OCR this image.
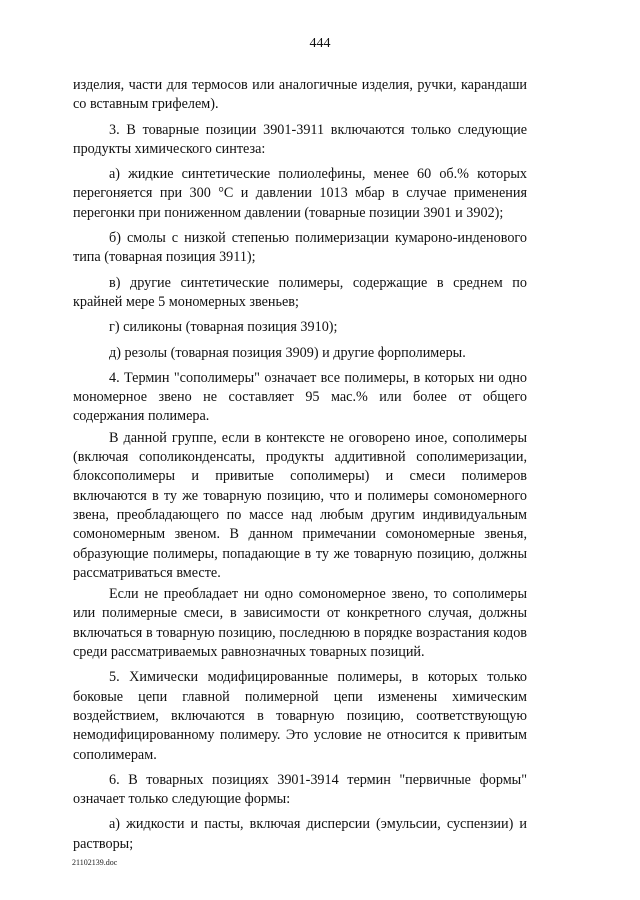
444

изделия, части для термосов или аналогичные изделия, ручки, карандаши со вставным грифелем).

3. В товарные позиции 3901-3911 включаются только следующие продукты химического синтеза:

а) жидкие синтетические полиолефины, менее 60 об.% которых перегоняется при 300 °С и давлении 1013 мбар в случае применения перегонки при пониженном давлении (товарные позиции 3901 и 3902);

б) смолы с низкой степенью полимеризации кумароно-инденового типа (товарная позиция 3911);

в) другие синтетические полимеры, содержащие в среднем по крайней мере 5 мономерных звеньев;

г) силиконы (товарная позиция 3910);

д) резолы (товарная позиция 3909) и другие форполимеры.

4. Термин "сополимеры" означает все полимеры, в которых ни одно мономерное звено не составляет 95 мас.% или более от общего содержания полимера.

В данной группе, если в контексте не оговорено иное, сополимеры (включая сополиконденсаты, продукты аддитивной сополимеризации, блоксополимеры и привитые сополимеры) и смеси полимеров включаются в ту же товарную позицию, что и полимеры сомономерного звена, преобладающего по массе над любым другим индивидуальным сомономерным звеном. В данном примечании сомономерные звенья, образующие полимеры, попадающие в ту же товарную позицию, должны рассматриваться вместе.

Если не преобладает ни одно сомономерное звено, то сополимеры или полимерные смеси, в зависимости от конкретного случая, должны включаться в товарную позицию, последнюю в порядке возрастания кодов среди рассматриваемых равнозначных товарных позиций.

5. Химически модифицированные полимеры, в которых только боковые цепи главной полимерной цепи изменены химическим воздействием, включаются в товарную позицию, соответствующую немодифицированному полимеру. Это условие не относится к привитым сополимерам.

6. В товарных позициях 3901-3914 термин "первичные формы" означает только следующие формы:

а) жидкости и пасты, включая дисперсии (эмульсии, суспензии) и растворы;

21102139.doc
